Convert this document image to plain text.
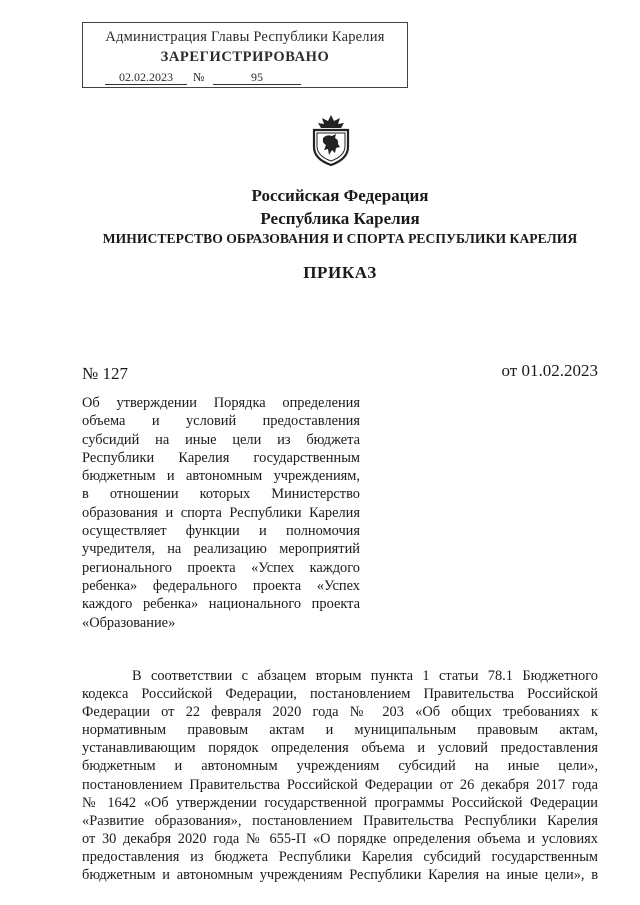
Администрация Главы Республики Карелия
ЗАРЕГИСТРИРОВАНО
02.02.2023	№	95
Российская Федерация
Республика Карелия
МИНИСТЕРСТВО ОБРАЗОВАНИЯ И СПОРТА РЕСПУБЛИКИ КАРЕЛИЯ
ПРИКАЗ
№ 127	от 01.02.2023
Об утверждении Порядка определения
объема и условий предоставления
субсидий на иные цели из бюджета
Республики Карелия государственным
бюджетным и автономным учреждениям,
в отношении которых Министерство
образования и спорта Республики Карелия
осуществляет функции и полномочия
учредителя, на реализацию мероприятий
регионального проекта «Успех каждого
ребенка» федерального проекта «Успех
каждого ребенка» национального проекта
«Образование»
В соответствии с абзацем вторым пункта 1 статьи 78.1 Бюджетного
кодекса Российской Федерации, постановлением Правительства Российской
Федерации от 22 февраля 2020 года № 203 «Об общих требованиях к
нормативным правовым актам и муниципальным правовым актам,
устанавливающим порядок определения объема и условий предоставления
бюджетным и автономным учреждениям субсидий на иные цели»,
постановлением Правительства Российской Федерации от 26 декабря 2017 года
№ 1642 «Об утверждении государственной программы Российской Федерации
«Развитие образования», постановлением Правительства Республики Карелия
от 30 декабря 2020 года № 655-П «О порядке определения объема и условиях
предоставления из бюджета Республики Карелия субсидий государственным
бюджетным и автономным учреждениям Республики Карелия на иные цели», в
